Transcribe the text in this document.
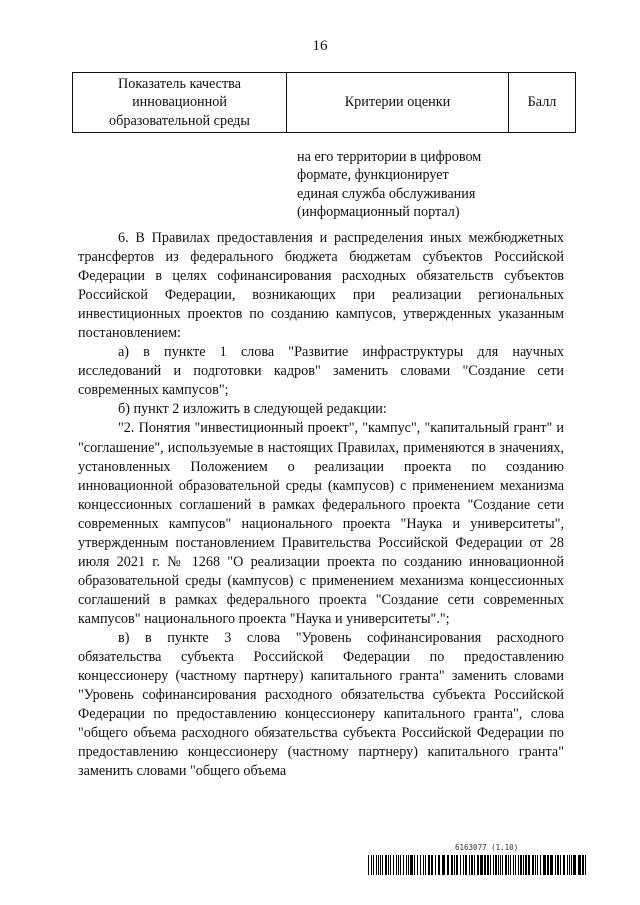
16
Показатель качества
инновационной
образовательной среды
	Критерии оценки	Балл
на его территории в цифровом
формате, функционирует
единая служба обслуживания
(информационный портал)
6. В Правилах предоставления и распределения иных межбюджетных трансфертов из федерального бюджета бюджетам субъектов Российской Федерации в целях софинансирования расходных обязательств субъектов Российской Федерации, возникающих при реализации региональных инвестиционных проектов по созданию кампусов, утвержденных указанным постановлением:
а) в пункте 1 слова "Развитие инфраструктуры для научных исследований и подготовки кадров" заменить словами "Создание сети современных кампусов";
б) пункт 2 изложить в следующей редакции:
"2. Понятия "инвестиционный проект", "кампус", "капитальный грант" и "соглашение", используемые в настоящих Правилах, применяются в значениях, установленных Положением о реализации проекта по созданию инновационной образовательной среды (кампусов) с применением механизма концессионных соглашений в рамках федерального проекта "Создание сети современных кампусов" национального проекта "Наука и университеты", утвержденным постановлением Правительства Российской Федерации от 28 июля 2021 г. № 1268 "О реализации проекта по созданию инновационной образовательной среды (кампусов) с применением механизма концессионных соглашений в рамках федерального проекта "Создание сети современных кампусов" национального проекта "Наука и университеты".";
в) в пункте 3 слова "Уровень софинансирования расходного обязательства субъекта Российской Федерации по предоставлению концессионеру (частному партнеру) капитального гранта" заменить словами "Уровень софинансирования расходного обязательства субъекта Российской Федерации по предоставлению концессионеру капитального гранта", слова "общего объема расходного обязательства субъекта Российской Федерации по предоставлению концессионеру (частному партнеру) капитального гранта" заменить словами "общего объема
6163077 (1.10)
